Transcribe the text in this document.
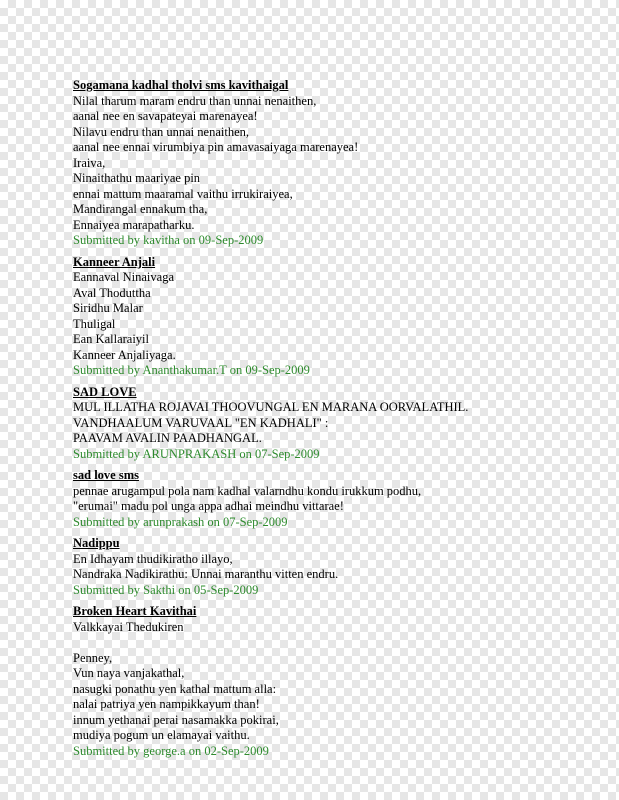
Sogamana kadhal tholvi sms kavithaigal
Nilal tharum maram endru than unnai nenaithen,
aanal nee en savapateyai marenayea!
Nilavu endru than unnai nenaithen,
aanal nee ennai virumbiya pin amavasaiyaga marenayea!
Iraiva,
Ninaithathu maariyae pin
ennai mattum maaramal vaithu irrukiraiyea,
Mandirangal ennakum tha,
Ennaiyea marapatharku.
Submitted by kavitha on 09-Sep-2009
Kanneer Anjali
Eannaval Ninaivaga
Aval Thoduttha
Siridhu Malar
Thuligal
Ean Kallaraiyil
Kanneer Anjaliyaga.
Submitted by Ananthakumar.T on 09-Sep-2009
SAD LOVE
MUL ILLATHA ROJAVAI THOOVUNGAL EN MARANA OORVALATHIL.
VANDHAALUM VARUVAAL "EN KADHALI" :
PAAVAM AVALIN PAADHANGAL.
Submitted by ARUNPRAKASH on 07-Sep-2009
sad love sms
pennae arugampul pola nam kadhal valarndhu kondu irukkum podhu,
"erumai" madu pol unga appa adhai meindhu vittarae!
Submitted by arunprakash on 07-Sep-2009
Nadippu
En Idhayam thudikiratho illayo,
Nandraka Nadikirathu: Unnai maranthu vitten endru.
Submitted by Sakthi on 05-Sep-2009
Broken Heart Kavithai
Valkkayai Thedukiren
Penney,
Vun naya vanjakathal,
nasugki ponathu yen kathal mattum alla:
nalai patriya yen nampikkayum than!
innum yethanai perai nasamakka pokirai,
mudiya pogum un elamayai vaithu.
Submitted by george.a on 02-Sep-2009
